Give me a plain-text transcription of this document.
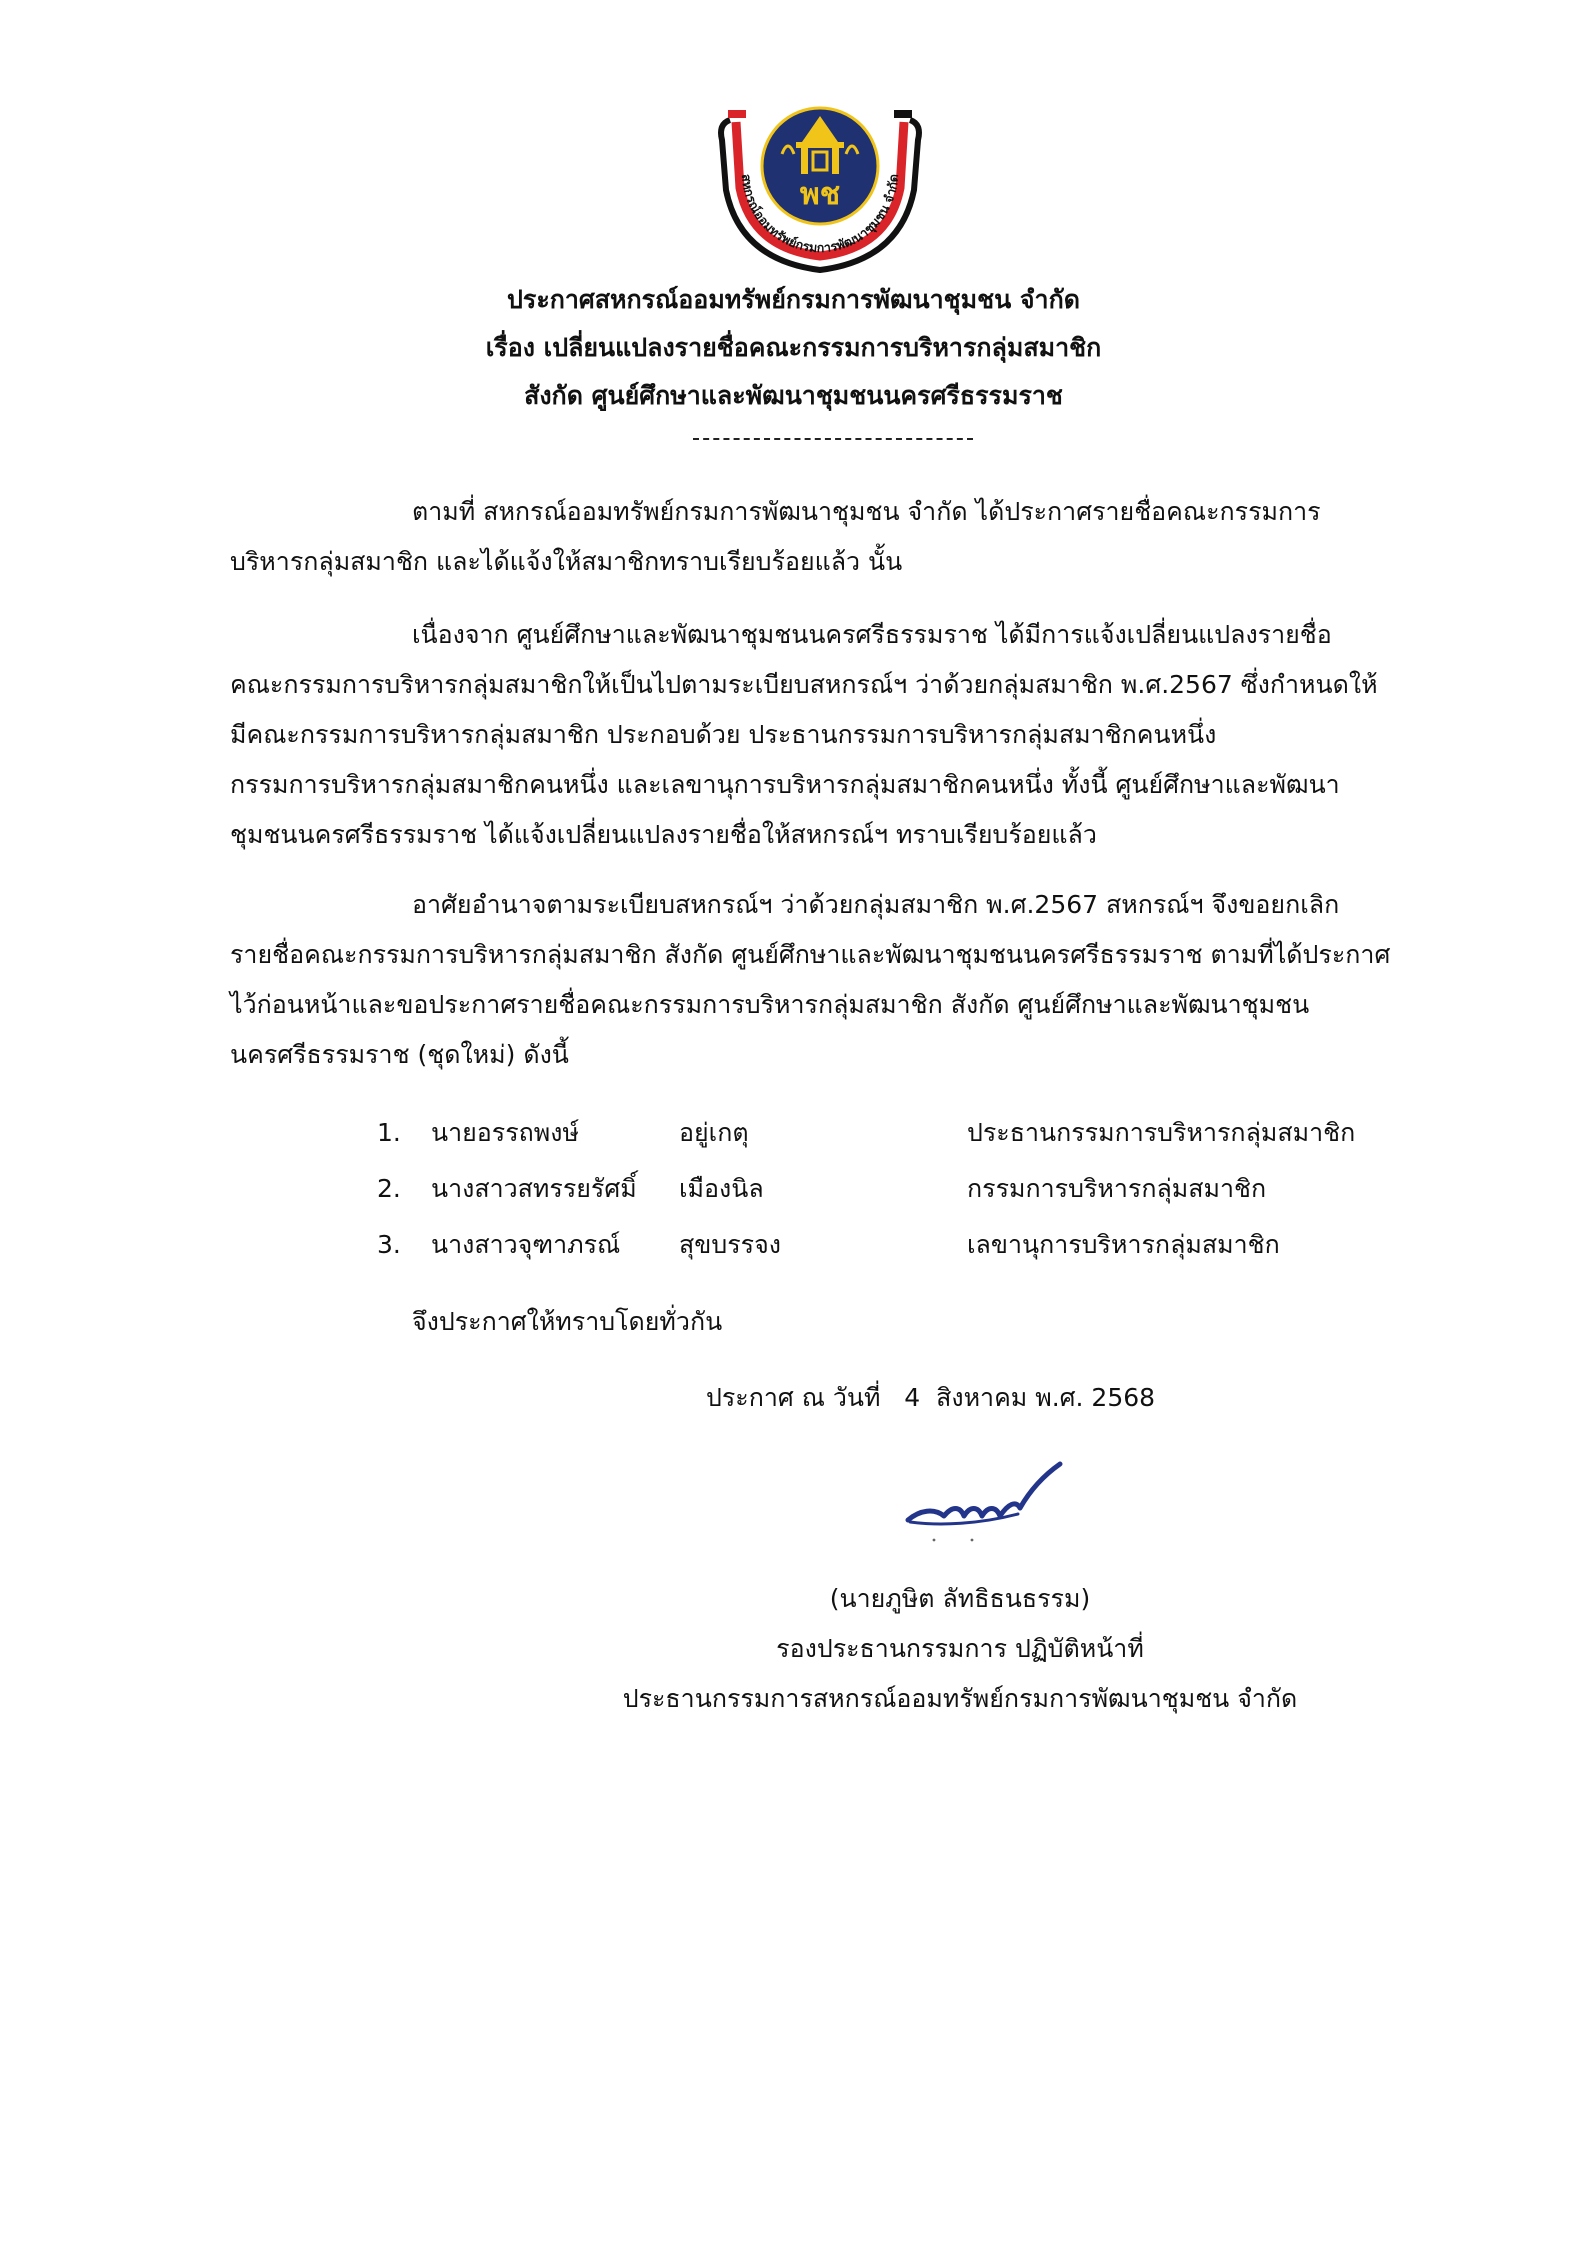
สหกรณ์ออมทรัพย์กรมการพัฒนาชุมชน จำกัด
พช
ประกาศสหกรณ์ออมทรัพย์กรมการพัฒนาชุมชน จำกัด
เรื่อง เปลี่ยนแปลงรายชื่อคณะกรรมการบริหารกลุ่มสมาชิก
สังกัด ศูนย์ศึกษาและพัฒนาชุมชนนครศรีธรรมราช

ตามที่ สหกรณ์ออมทรัพย์กรมการพัฒนาชุมชน จำกัด ได้ประกาศรายชื่อคณะกรรมการ
บริหารกลุ่มสมาชิก และได้แจ้งให้สมาชิกทราบเรียบร้อยแล้ว นั้น

เนื่องจาก ศูนย์ศึกษาและพัฒนาชุมชนนครศรีธรรมราช ได้มีการแจ้งเปลี่ยนแปลงรายชื่อ
คณะกรรมการบริหารกลุ่มสมาชิกให้เป็นไปตามระเบียบสหกรณ์ฯ ว่าด้วยกลุ่มสมาชิก พ.ศ.2567 ซึ่งกำหนดให้
มีคณะกรรมการบริหารกลุ่มสมาชิก ประกอบด้วย ประธานกรรมการบริหารกลุ่มสมาชิกคนหนึ่ง
กรรมการบริหารกลุ่มสมาชิกคนหนึ่ง และเลขานุการบริหารกลุ่มสมาชิกคนหนึ่ง ทั้งนี้ ศูนย์ศึกษาและพัฒนา
ชุมชนนครศรีธรรมราช ได้แจ้งเปลี่ยนแปลงรายชื่อให้สหกรณ์ฯ ทราบเรียบร้อยแล้ว

อาศัยอำนาจตามระเบียบสหกรณ์ฯ ว่าด้วยกลุ่มสมาชิก พ.ศ.2567 สหกรณ์ฯ จึงขอยกเลิก
รายชื่อคณะกรรมการบริหารกลุ่มสมาชิก สังกัด ศูนย์ศึกษาและพัฒนาชุมชนนครศรีธรรมราช ตามที่ได้ประกาศ
ไว้ก่อนหน้าและขอประกาศรายชื่อคณะกรรมการบริหารกลุ่มสมาชิก สังกัด ศูนย์ศึกษาและพัฒนาชุมชน
นครศรีธรรมราช (ชุดใหม่) ดังนี้

1. นายอรรถพงษ์	อยู่เกตุ	ประธานกรรมการบริหารกลุ่มสมาชิก
2. นางสาวสทรรยรัศมิ์ เมืองนิล	กรรมการบริหารกลุ่มสมาชิก
3. นางสาวจุฑาภรณ์ สุขบรรจง	เลขานุการบริหารกลุ่มสมาชิก
จึงประกาศให้ทราบโดยทั่วกัน
ประกาศ ณ วันที่   4  สิงหาคม พ.ศ. 2568
(นายภูษิต ลัทธิธนธรรม)
รองประธานกรรมการ ปฏิบัติหน้าที่
ประธานกรรมการสหกรณ์ออมทรัพย์กรมการพัฒนาชุมชน จำกัด
